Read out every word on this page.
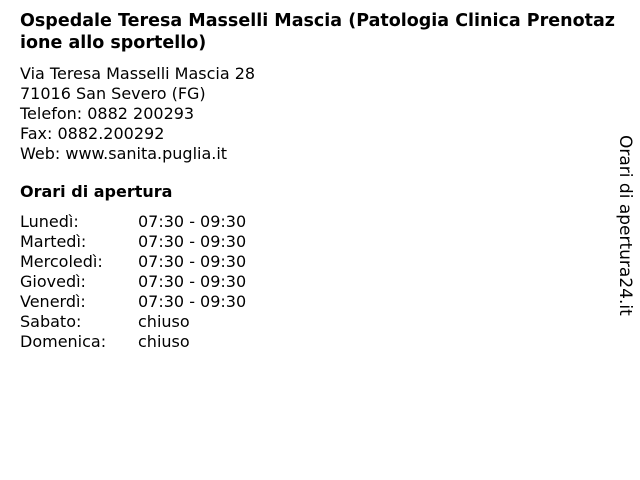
Ospedale Teresa Masselli Mascia (Patologia Clinica Prenotazione allo sportello)
Via Teresa Masselli Mascia 28
71016 San Severo (FG)
Telefon: 0882 200293
Fax: 0882.200292
Web: www.sanita.puglia.it
Orari di apertura
Lunedì:	07:30 - 09:30
Martedì:	07:30 - 09:30
Mercoledì:	07:30 - 09:30
Giovedì:	07:30 - 09:30
Venerdì:	07:30 - 09:30
Sabato:	chiuso
Domenica:	chiuso
Orari di apertura24.it
